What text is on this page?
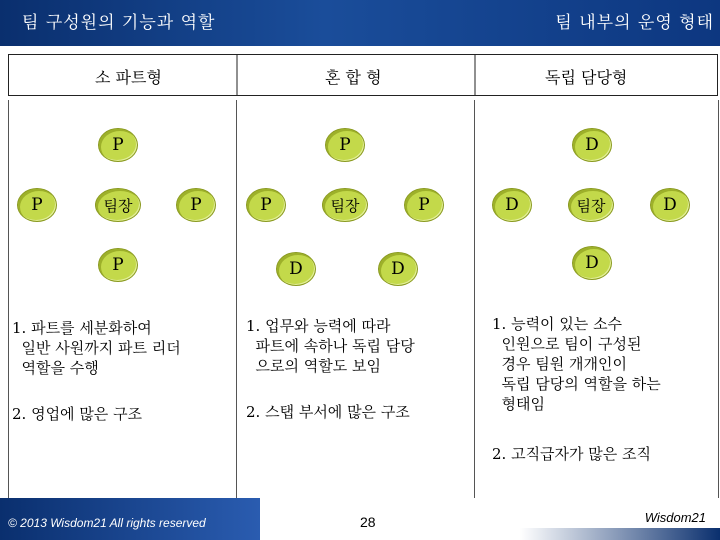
팀 구성원의 기능과 역할	팀 내부의 운영 형태
소 파트형	혼 합 형	독립 담당형
P
P	팀장	P
P
P
P	팀장	P
D	D
D
D	팀장	D
D
1. 파트를 세분화하여
일반 사원까지 파트 리더
역할을 수행
2. 영업에 많은 구조
1. 업무와 능력에 따라
파트에 속하나 독립 담당
으로의 역할도 보임
2. 스탭 부서에 많은 구조
1. 능력이 있는 소수
인원으로 팀이 구성된
경우 팀원 개개인이
독립 담당의 역할을 하는
형태임
2. 고직급자가 많은 조직
© 2013 Wisdom21 All rights reserved	28	Wisdom21
